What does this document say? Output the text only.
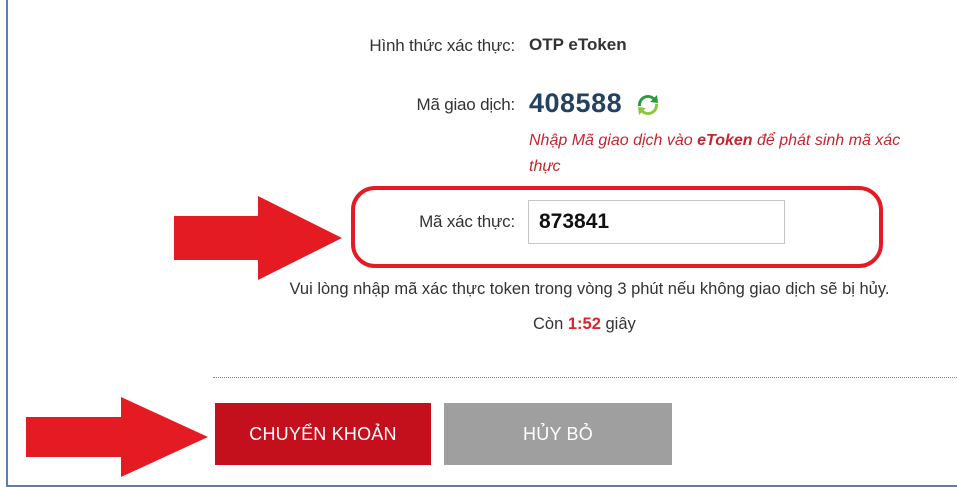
Hình thức xác thực: OTP eToken
Mã giao dịch: 408588
Nhập Mã giao dịch vào eToken để phát sinh mã xác thực
Mã xác thực:
873841
Vui lòng nhập mã xác thực token trong vòng 3 phút nếu không giao dịch sẽ bị hủy.
Còn 1:52 giây
CHUYỂN KHOẢN	HỦY BỎ
